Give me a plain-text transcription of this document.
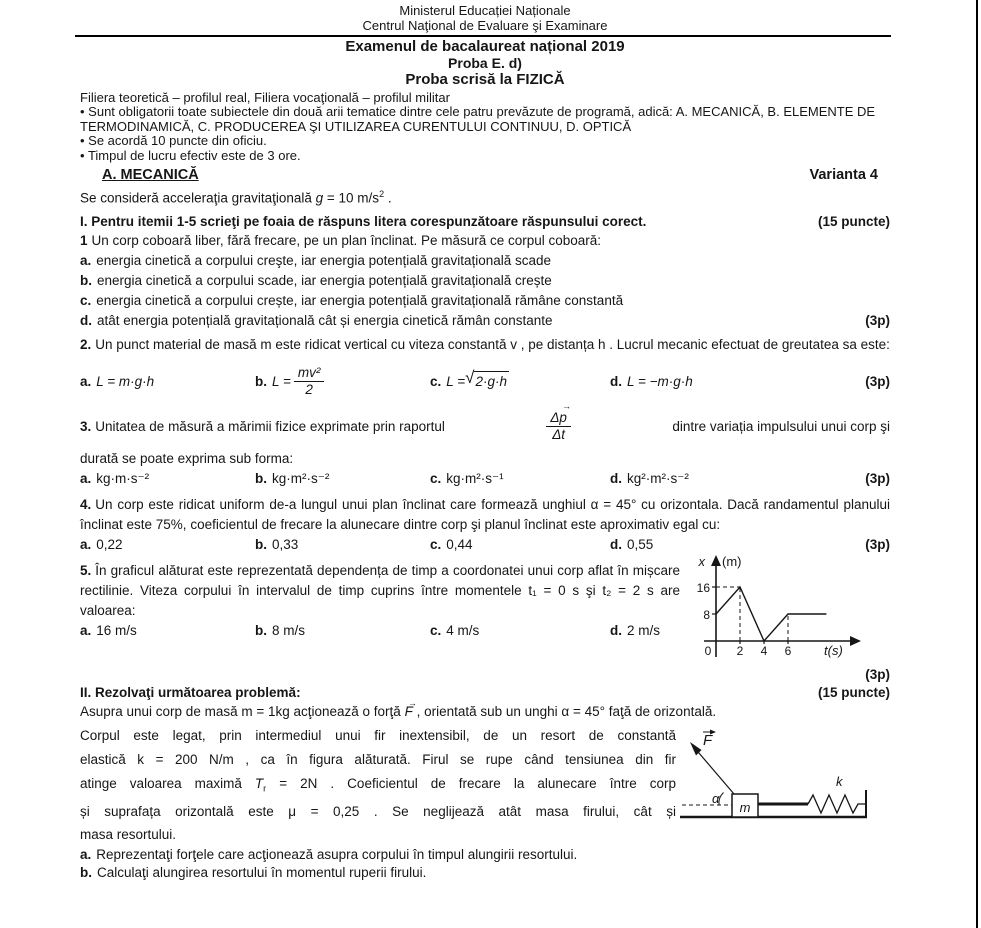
Ministerul Educației Naționale
Centrul Naţional de Evaluare şi Examinare
Examenul de bacalaureat național 2019
Proba E. d)
Proba scrisă la FIZICĂ
Filiera teoretică – profilul real, Filiera vocaţională – profilul militar
• Sunt obligatorii toate subiectele din două arii tematice dintre cele patru prevăzute de programă, adică: A. MECANICĂ, B. ELEMENTE DE TERMODINAMICĂ, C. PRODUCEREA ŞI UTILIZAREA CURENTULUI CONTINUU, D. OPTICĂ
• Se acordă 10 puncte din oficiu.
• Timpul de lucru efectiv este de 3 ore.
A. MECANICĂ	Varianta 4
Se consideră acceleraţia gravitaţională g = 10 $m/s^2$ .
I. Pentru itemii 1-5 scrieţi pe foaia de răspuns litera corespunzătoare răspunsului corect.	(15 puncte)
1 Un corp coboară liber, fără frecare, pe un plan înclinat. Pe măsură ce corpul coboară:
a. energia cinetică a corpului creşte, iar energia potențială gravitațională scade
b. energia cinetică a corpului scade, iar energia potențială gravitațională crește
c. energia cinetică a corpului crește, iar energia potențială gravitațională rămâne constantă
d. atât energia potențială gravitațională cât și energia cinetică rămân constante	(3p)
2. Un punct material de masă m este ridicat vertical cu viteza constantă v , pe distanța h . Lucrul mecanic efectuat de greutatea sa este:
a. L = m·g·h	b. $L = \frac{\text{mv²}}{2}$	c. L = √ 2·g·h	d. L = −m·g·h	(3p)
3. Unitatea de măsură a mărimii fizice exprimate prin raportul	$\frac{\Delta p \to}{\Delta t}$	dintre variația impulsului unui corp şi
durată se poate exprima sub forma:
a. kg·m·s⁻²	b. kg·m²·s⁻²	c. kg·m²·s⁻¹	d. kg²·m²·s⁻²	(3p)
4. Un corp este ridicat uniform de-a lungul unui plan înclinat care formează unghiul α = 45° cu orizontala. Dacă randamentul planului înclinat este 75%, coeficientul de frecare la alunecare dintre corp şi planul înclinat este aproximativ egal cu:
a. 0,22	b. 0,33	c. 0,44	d. 0,55	(3p)
5. În graficul alăturat este reprezentată dependența de timp a coordonatei unui corp aflat în mișcare rectilinie. Viteza corpului în intervalul de timp cuprins între momentele t₁ = 0 s şi t₂ = 2 s are valoarea:
a. 16 m/s	b. 8 m/s	c. 4 m/s	d. 2 m/s
x (m)
16
8
0 2 4 6	t(s)
(3p)
II. Rezolvaţi următoarea problemă:	(15 puncte)
Asupra unui corp de masă m = 1kg acţionează o forţă F → , orientată sub un unghi α = 45° faţă de orizontală.
Corpul este legat, prin intermediul unui fir inextensibil, de un resort de constantă
elastică k = 200 N/m , ca în figura alăturată. Firul se rupe când tensiunea din fir
atinge valoarea maximă $T_r = 2N$ . Coeficientul de frecare la alunecare între corp
și suprafața orizontală este μ = 0,25 . Se neglijează atât masa firului, cât și
masa resortului.
F
α
m
k
a. Reprezentaţi forţele care acţionează asupra corpului în timpul alungirii resortului.
b. Calculaţi alungirea resortului în momentul ruperii firului.
